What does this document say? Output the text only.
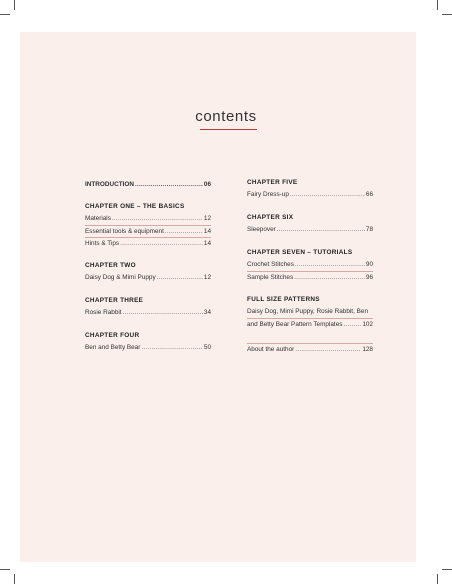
contents
INTRODUCTION .....	06
CHAPTER ONE – THE BASICS
Materials .....	12
Essential tools & equipment .....	14
Hints & Tips .....	14
CHAPTER TWO
Daisy Dog & Mimi Puppy .....	12
CHAPTER THREE
Rosie Rabbit .....	34
CHAPTER FOUR
Ben and Betty Bear .....	50
CHAPTER FIVE
Fairy Dress-up .....	66
CHAPTER SIX
Sleepover .....	78
CHAPTER SEVEN – TUTORIALS
Crochet Stitches .....	90
Sample Stitches .....	96
FULL SIZE PATTERNS
Daisy Dog, Mimi Puppy, Rosie Rabbit, Ben
and Betty Bear Pattern Templates .....	102
About the author .....	128
